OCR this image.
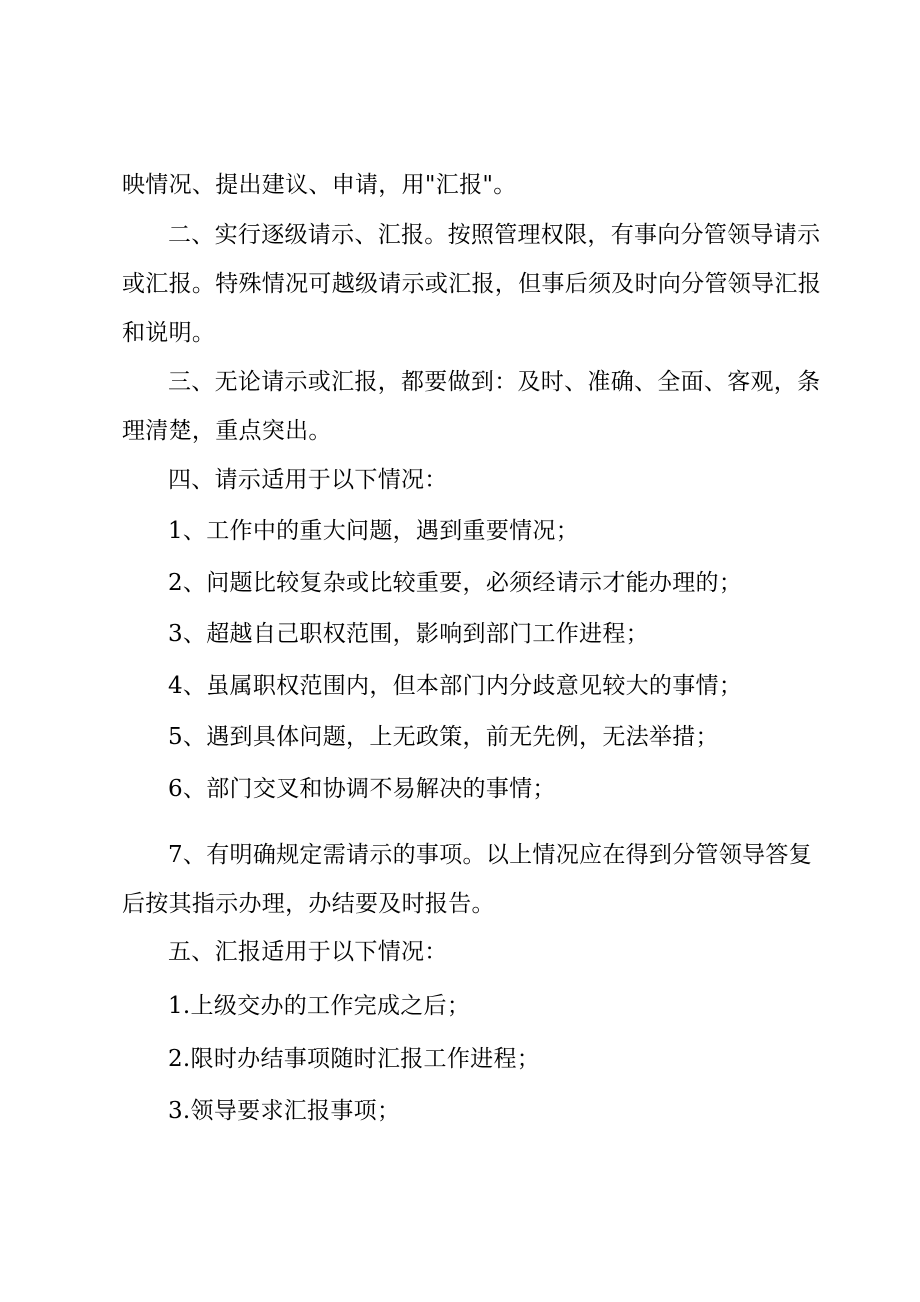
映情况、提出建议、申请，用"汇报"。

二、实行逐级请示、汇报。按照管理权限，有事向分管领导请示或汇报。特殊情况可越级请示或汇报，但事后须及时向分管领导汇报和说明。

三、无论请示或汇报，都要做到：及时、准确、全面、客观，条理清楚，重点突出。

四、请示适用于以下情况：

1、工作中的重大问题，遇到重要情况；

2、问题比较复杂或比较重要，必须经请示才能办理的；

3、超越自己职权范围，影响到部门工作进程；

4、虽属职权范围内，但本部门内分歧意见较大的事情；

5、遇到具体问题，上无政策，前无先例，无法举措；

6、部门交叉和协调不易解决的事情；

7、有明确规定需请示的事项。以上情况应在得到分管领导答复后按其指示办理，办结要及时报告。

五、汇报适用于以下情况：

1.上级交办的工作完成之后；

2.限时办结事项随时汇报工作进程；

3.领导要求汇报事项；
